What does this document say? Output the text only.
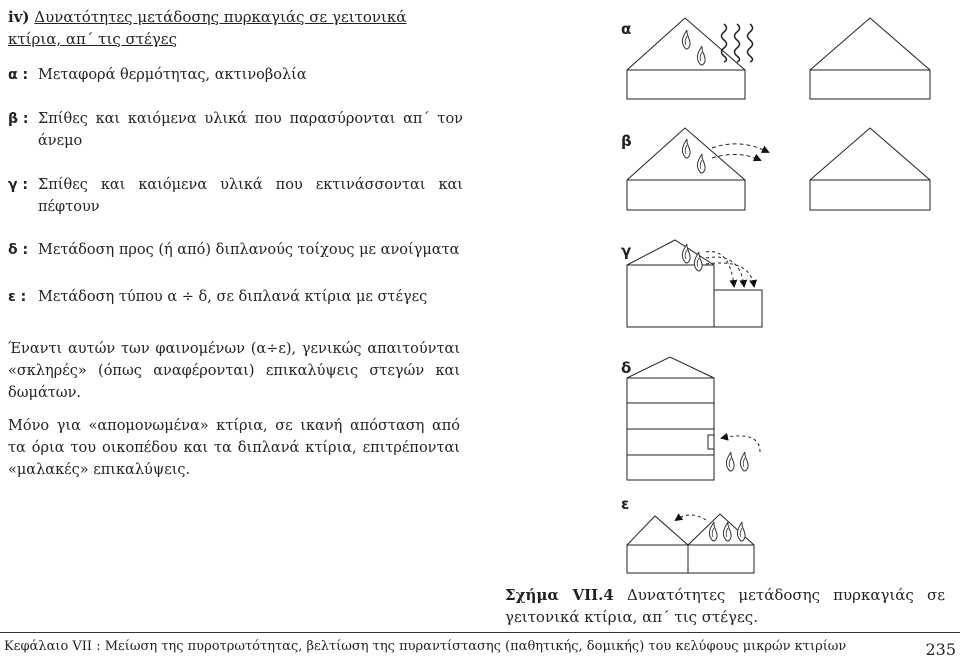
iv) Δυνατότητες μετάδοσης πυρκαγιάς σε γειτονικά κτίρια, απ΄ τις στέγες
α : Μεταφορά θερμότητας, ακτινοβολία
β : Σπίθες και καιόμενα υλικά που παρασύρονται απ΄ τον άνεμο
γ : Σπίθες και καιόμενα υλικά που εκτινάσσονται και πέφτουν
δ : Μετάδοση προς (ή από) διπλανούς τοίχους με ανοίγματα
ε : Μετάδοση τύπου α ÷ δ, σε διπλανά κτίρια με στέγες
Έναντι αυτών των φαινομένων (α÷ε), γενικώς απαιτούνται «σκληρές» (όπως αναφέρονται) επικαλύψεις στεγών και δωμάτων.
Μόνο για «απομονωμένα» κτίρια, σε ικανή απόσταση από τα όρια του οικοπέδου και τα διπλανά κτίρια, επιτρέπονται «μαλακές» επικαλύψεις.
α
β
γ
δ
ε
Σχήμα VII.4 Δυνατότητες μετάδοσης πυρκαγιάς σε γειτονικά κτίρια, απ΄ τις στέγες.
Κεφάλαιο VII : Μείωση της πυροτρωτότητας, βελτίωση της πυραντίστασης (παθητικής, δομικής) του κελύφους μικρών κτιρίων	235
